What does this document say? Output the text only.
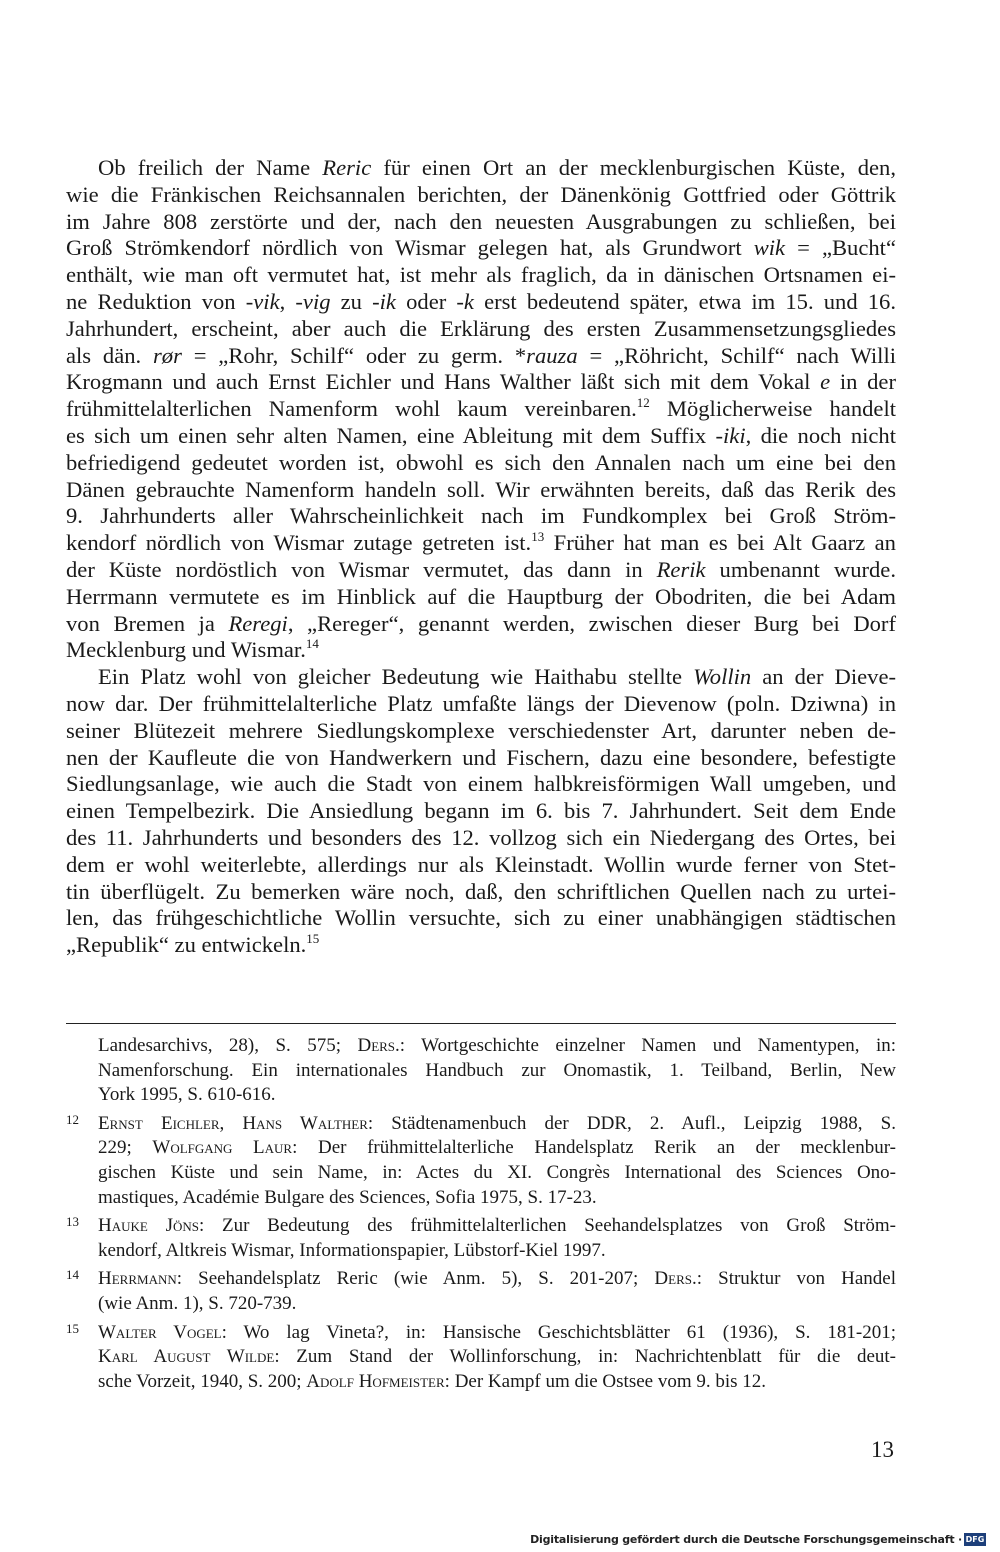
Ob freilich der Name Reric für einen Ort an der mecklenburgischen Küste, den,
wie die Fränkischen Reichsannalen berichten, der Dänenkönig Gottfried oder Göttrik
im Jahre 808 zerstörte und der, nach den neuesten Ausgrabungen zu schließen, bei
Groß Strömkendorf nördlich von Wismar gelegen hat, als Grundwort wik = „Bucht“
enthält, wie man oft vermutet hat, ist mehr als fraglich, da in dänischen Ortsnamen ei-
ne Reduktion von -vik, -vig zu -ik oder -k erst bedeutend später, etwa im 15. und 16.
Jahrhundert, erscheint, aber auch die Erklärung des ersten Zusammensetzungsgliedes
als dän. rør = „Rohr, Schilf“ oder zu germ. *rauza = „Röhricht, Schilf“ nach Willi
Krogmann und auch Ernst Eichler und Hans Walther läßt sich mit dem Vokal e in der
frühmittelalterlichen Namenform wohl kaum vereinbaren.$^{12}$ Möglicherweise handelt
es sich um einen sehr alten Namen, eine Ableitung mit dem Suffix -iki, die noch nicht
befriedigend gedeutet worden ist, obwohl es sich den Annalen nach um eine bei den
Dänen gebrauchte Namenform handeln soll. Wir erwähnten bereits, daß das Rerik des
9. Jahrhunderts aller Wahrscheinlichkeit nach im Fundkomplex bei Groß Ström-
kendorf nördlich von Wismar zutage getreten ist.$^{13}$ Früher hat man es bei Alt Gaarz an
der Küste nordöstlich von Wismar vermutet, das dann in Rerik umbenannt wurde.
Herrmann vermutete es im Hinblick auf die Hauptburg der Obodriten, die bei Adam
von Bremen ja Reregi, „Rereger“, genannt werden, zwischen dieser Burg bei Dorf
Mecklenburg und Wismar.$^{14}$

Ein Platz wohl von gleicher Bedeutung wie Haithabu stellte Wollin an der Dieve-
now dar. Der frühmittelalterliche Platz umfaßte längs der Dievenow (poln. Dziwna) in
seiner Blütezeit mehrere Siedlungskomplexe verschiedenster Art, darunter neben de-
nen der Kaufleute die von Handwerkern und Fischern, dazu eine besondere, befestigte
Siedlungsanlage, wie auch die Stadt von einem halbkreisförmigen Wall umgeben, und
einen Tempelbezirk. Die Ansiedlung begann im 6. bis 7. Jahrhundert. Seit dem Ende
des 11. Jahrhunderts und besonders des 12. vollzog sich ein Niedergang des Ortes, bei
dem er wohl weiterlebte, allerdings nur als Kleinstadt. Wollin wurde ferner von Stet-
tin überflügelt. Zu bemerken wäre noch, daß, den schriftlichen Quellen nach zu urtei-
len, das frühgeschichtliche Wollin versuchte, sich zu einer unabhängigen städtischen
„Republik“ zu entwickeln.$^{15}$

Landesarchivs, 28), S. 575; Ders.: Wortgeschichte einzelner Namen und Namentypen, in:
Namenforschung. Ein internationales Handbuch zur Onomastik, 1. Teilband, Berlin, New
York 1995, S. 610-616.
12 Ernst Eichler, Hans Walther: Städtenamenbuch der DDR, 2. Aufl., Leipzig 1988, S.
229; Wolfgang Laur: Der frühmittelalterliche Handelsplatz Rerik an der mecklenbur-
gischen Küste und sein Name, in: Actes du XI. Congrès International des Sciences Ono-
mastiques, Académie Bulgare des Sciences, Sofia 1975, S. 17-23.
13 Hauke Jöns: Zur Bedeutung des frühmittelalterlichen Seehandelsplatzes von Groß Ström-
kendorf, Altkreis Wismar, Informationspapier, Lübstorf-Kiel 1997.
14 Herrmann: Seehandelsplatz Reric (wie Anm. 5), S. 201-207; Ders.: Struktur von Handel
(wie Anm. 1), S. 720-739.
15 Walter Vogel: Wo lag Vineta?, in: Hansische Geschichtsblätter 61 (1936), S. 181-201;
Karl August Wilde: Zum Stand der Wollinforschung, in: Nachrichtenblatt für die deut-
sche Vorzeit, 1940, S. 200; Adolf Hofmeister: Der Kampf um die Ostsee vom 9. bis 12.
13
Digitalisierung gefördert durch die Deutsche Forschungsgemeinschaft · DFG
